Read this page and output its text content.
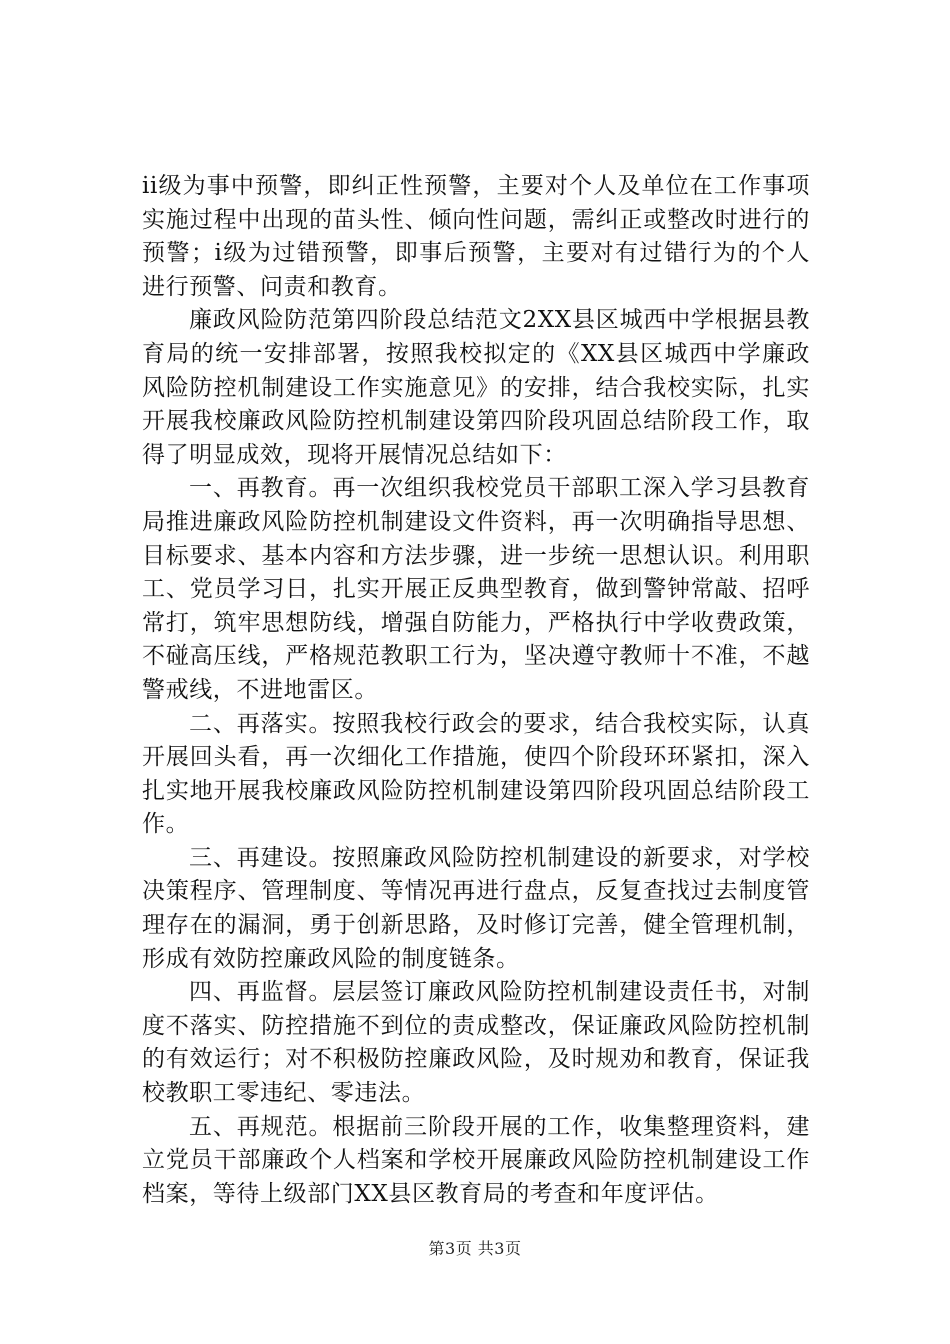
ii级为事中预警，即纠正性预警，主要对个人及单位在工作事项实施过程中出现的苗头性、倾向性问题，需纠正或整改时进行的预警；i级为过错预警，即事后预警，主要对有过错行为的个人进行预警、问责和教育。

廉政风险防范第四阶段总结范文2XX县区城西中学根据县教育局的统一安排部署，按照我校拟定的《XX县区城西中学廉政风险防控机制建设工作实施意见》的安排，结合我校实际，扎实开展我校廉政风险防控机制建设第四阶段巩固总结阶段工作，取得了明显成效，现将开展情况总结如下：

一、再教育。再一次组织我校党员干部职工深入学习县教育局推进廉政风险防控机制建设文件资料，再一次明确指导思想、目标要求、基本内容和方法步骤，进一步统一思想认识。利用职工、党员学习日，扎实开展正反典型教育，做到警钟常敲、招呼常打，筑牢思想防线，增强自防能力，严格执行中学收费政策，不碰高压线，严格规范教职工行为，坚决遵守教师十不准，不越警戒线，不进地雷区。

二、再落实。按照我校行政会的要求，结合我校实际，认真开展回头看，再一次细化工作措施，使四个阶段环环紧扣，深入扎实地开展我校廉政风险防控机制建设第四阶段巩固总结阶段工作。

三、再建设。按照廉政风险防控机制建设的新要求，对学校决策程序、管理制度、等情况再进行盘点，反复查找过去制度管理存在的漏洞，勇于创新思路，及时修订完善，健全管理机制，形成有效防控廉政风险的制度链条。

四、再监督。层层签订廉政风险防控机制建设责任书，对制度不落实、防控措施不到位的责成整改，保证廉政风险防控机制的有效运行；对不积极防控廉政风险，及时规劝和教育，保证我校教职工零违纪、零违法。

五、再规范。根据前三阶段开展的工作，收集整理资料，建立党员干部廉政个人档案和学校开展廉政风险防控机制建设工作档案，等待上级部门XX县区教育局的考查和年度评估。

第3页 共3页
